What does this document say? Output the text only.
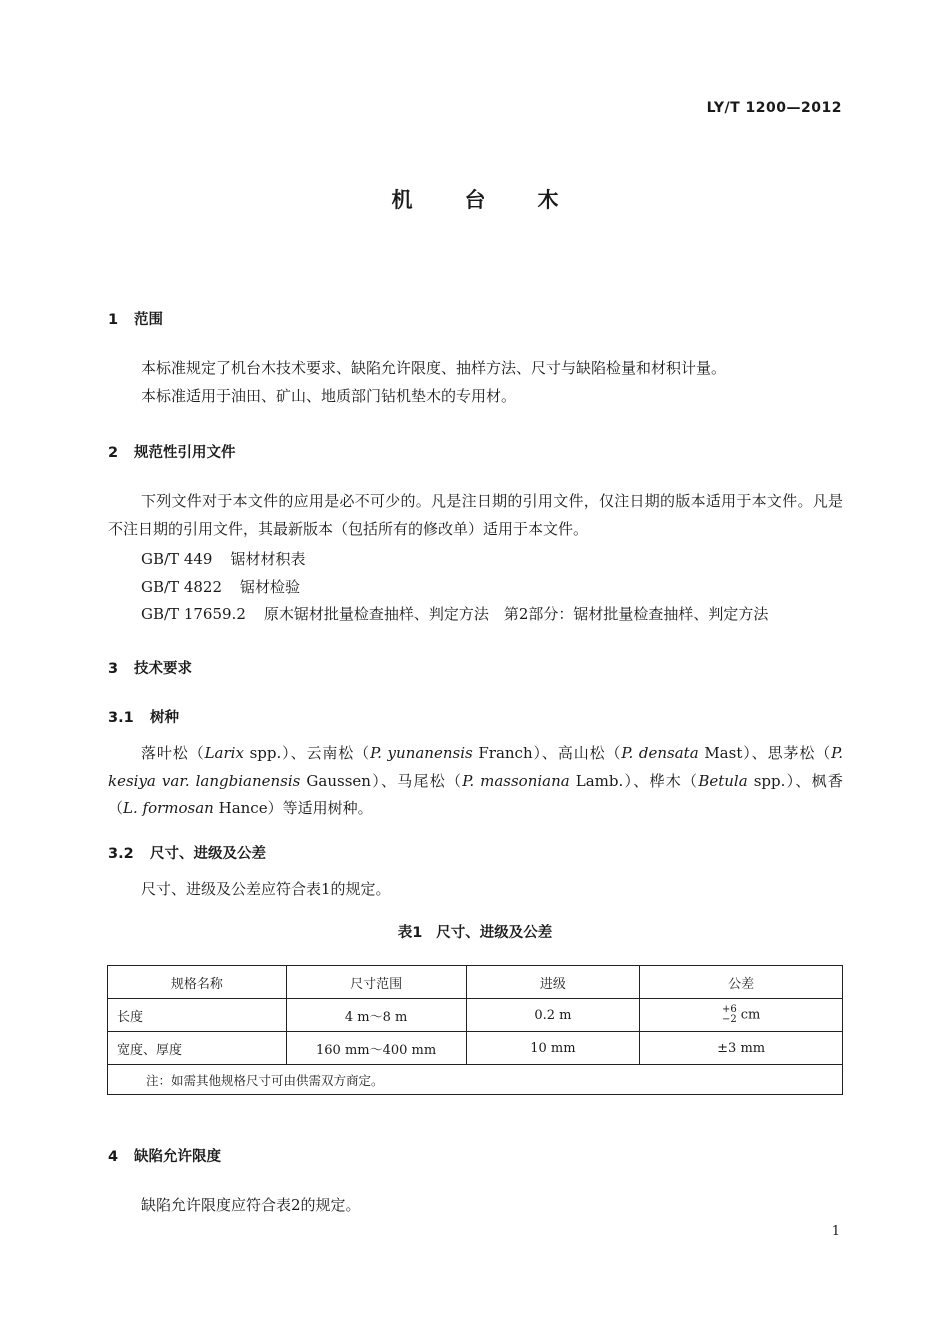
LY/T 1200—2012
机台木
1 范围
本标准规定了机台木技术要求、缺陷允许限度、抽样方法、尺寸与缺陷检量和材积计量。
本标准适用于油田、矿山、地质部门钻机垫木的专用材。
2 规范性引用文件
下列文件对于本文件的应用是必不可少的。凡是注日期的引用文件，仅注日期的版本适用于本文件。凡是不注日期的引用文件，其最新版本（包括所有的修改单）适用于本文件。
GB/T 449 锯材材积表
GB/T 4822 锯材检验
GB/T 17659.2 原木锯材批量检查抽样、判定方法　第2部分：锯材批量检查抽样、判定方法
3 技术要求
3.1 树种
落叶松（Larix spp.）、云南松（P. yunanensis Franch）、高山松（P. densata Mast）、思茅松（P. kesiya var. langbianensis Gaussen）、马尾松（P. massoniana Lamb.）、桦木（Betula spp.）、枫香（L. formosan Hance）等适用树种。
3.2 尺寸、进级及公差
尺寸、进级及公差应符合表1的规定。
表1 尺寸、进级及公差
规格名称	尺寸范围	进级	公差
长度	4 m～8 m	0.2 m	+6
−2 cm
宽度、厚度	160 mm～400 mm	10 mm	±3 mm
注：如需其他规格尺寸可由供需双方商定。			
4 缺陷允许限度
缺陷允许限度应符合表2的规定。
1
